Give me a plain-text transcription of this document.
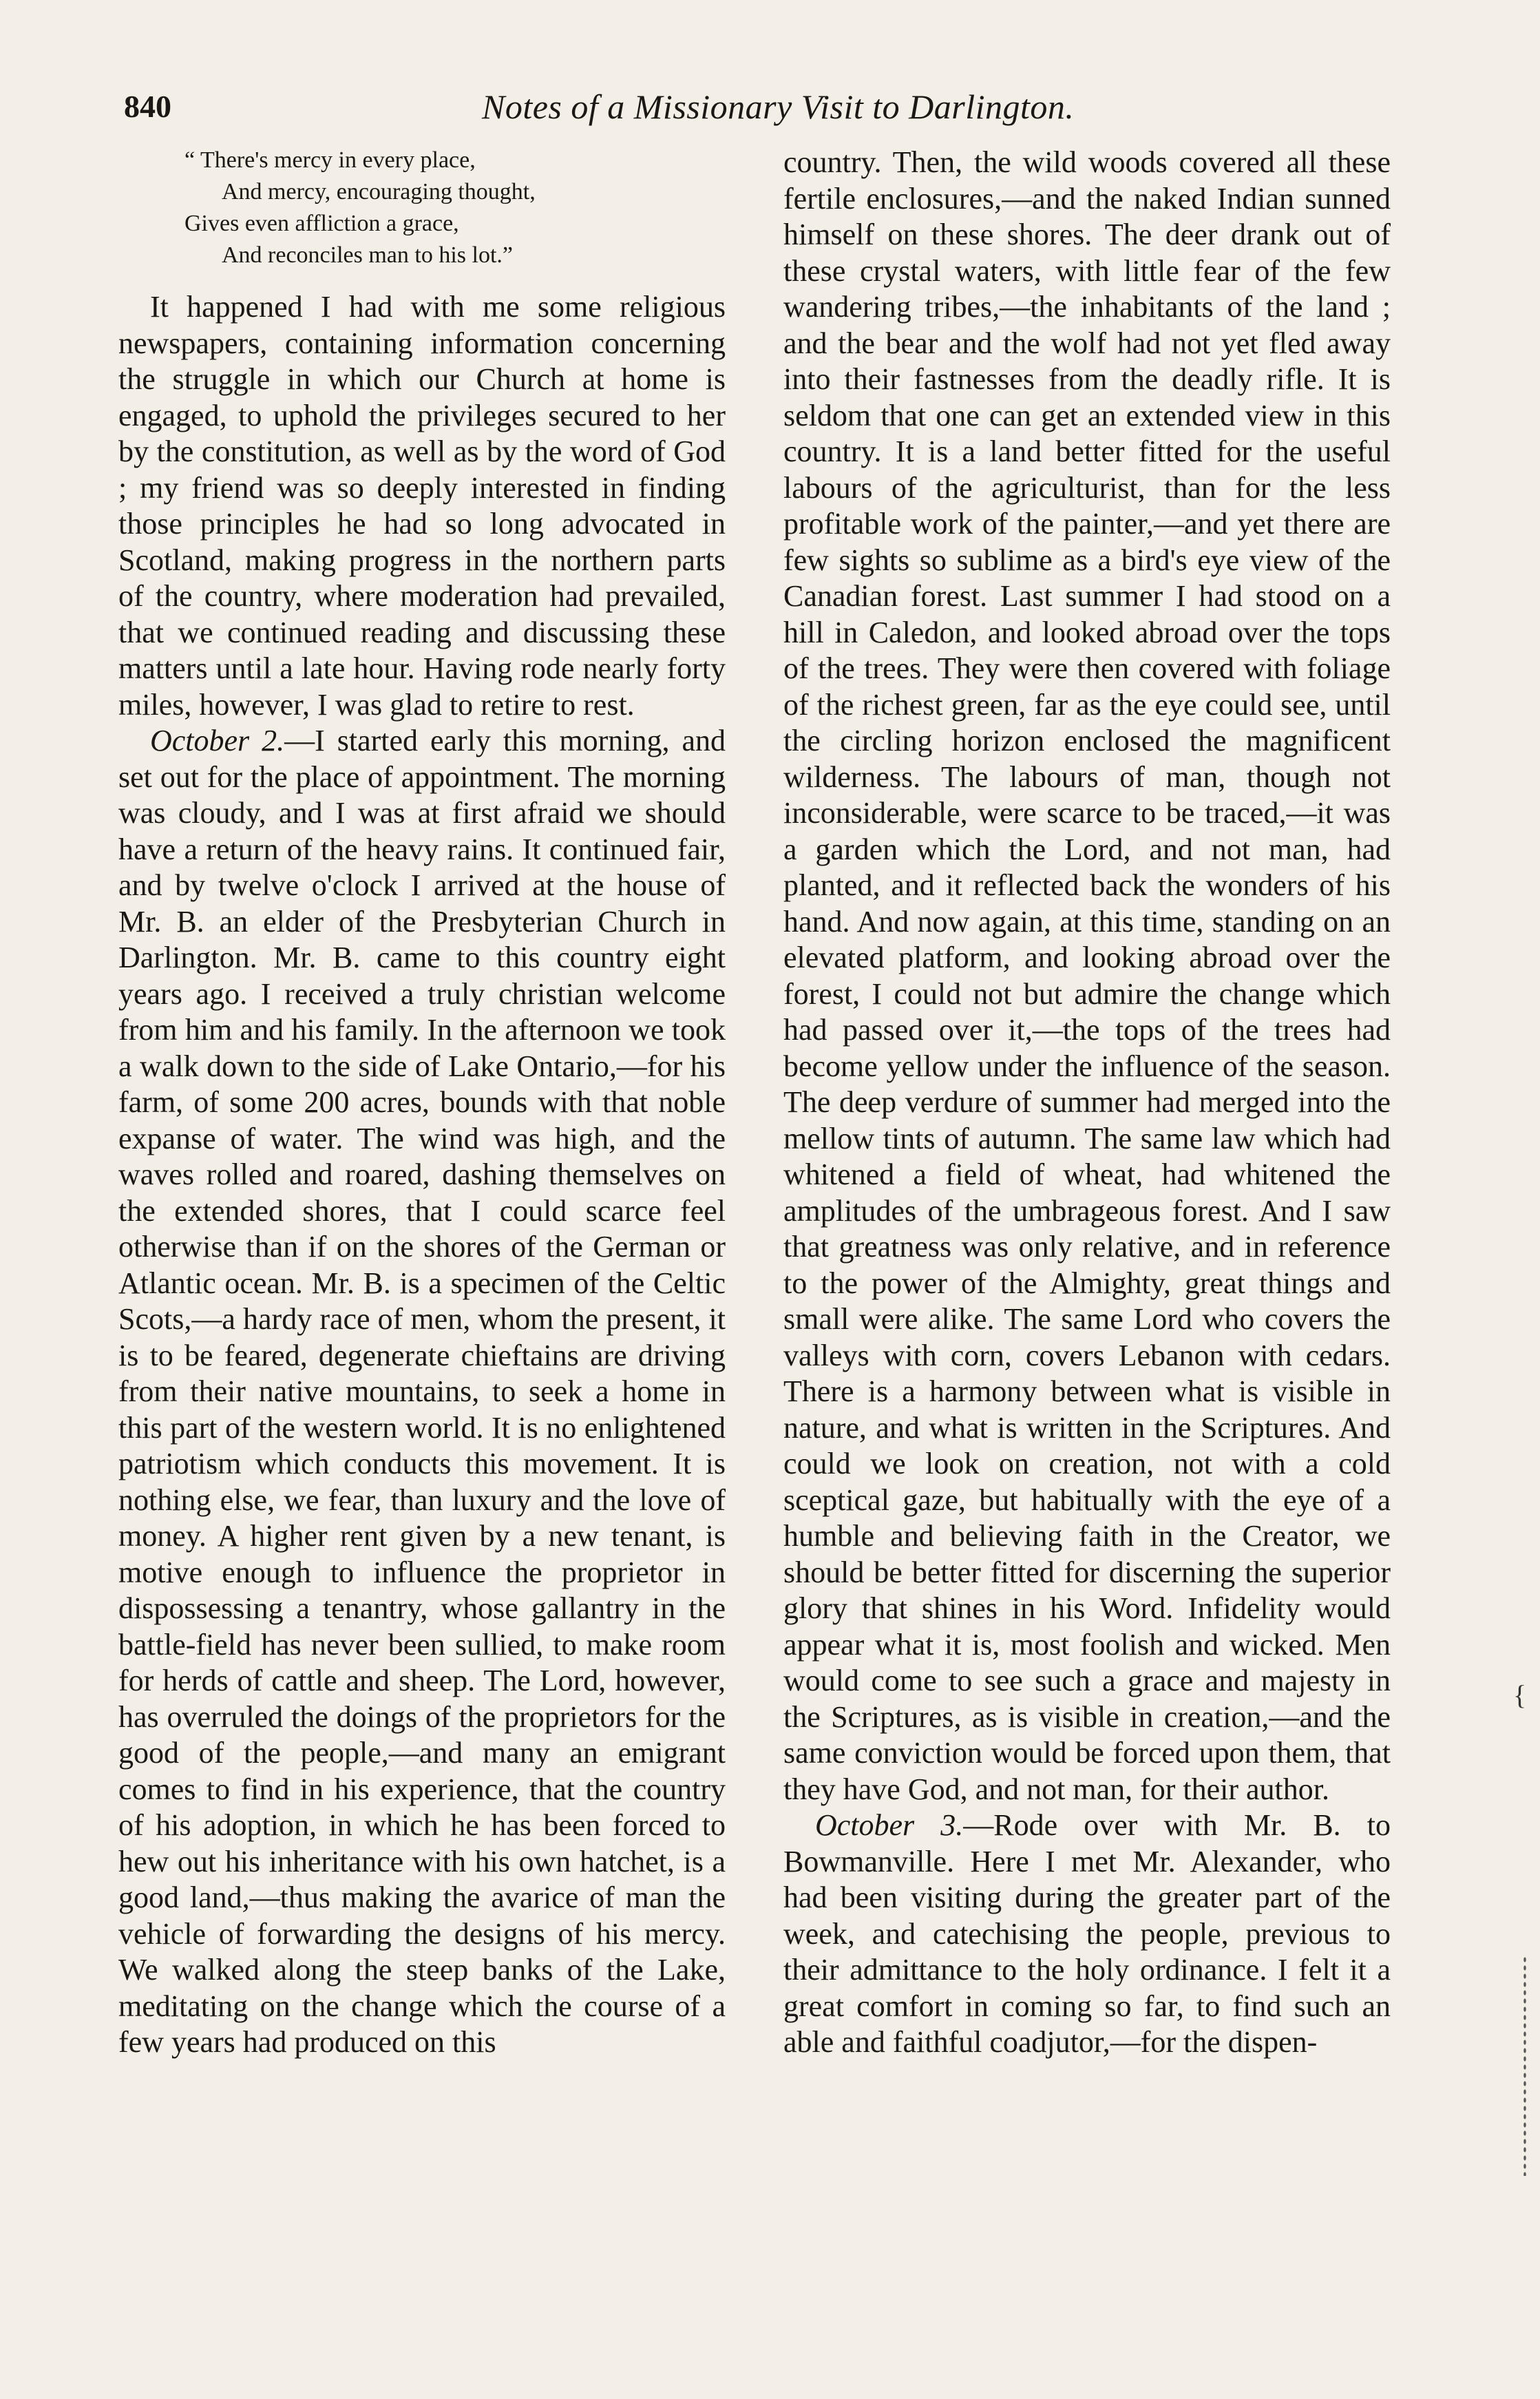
840	Notes of a Missionary Visit to Darlington.
“ There's mercy in every place,
And mercy, encouraging thought,
Gives even affliction a grace,
And reconciles man to his lot.”

It happened I had with me some religious newspapers, containing information concerning the struggle in which our Church at home is engaged, to uphold the privileges secured to her by the constitution, as well as by the word of God ; my friend was so deeply interested in finding those principles he had so long advocated in Scotland, making progress in the northern parts of the country, where moderation had prevailed, that we continued reading and discussing these matters until a late hour. Having rode nearly forty miles, however, I was glad to retire to rest.

October 2.—I started early this morning, and set out for the place of appointment. The morning was cloudy, and I was at first afraid we should have a return of the heavy rains. It continued fair, and by twelve o'clock I arrived at the house of Mr. B. an elder of the Presbyterian Church in Darlington. Mr. B. came to this country eight years ago. I received a truly christian welcome from him and his family. In the afternoon we took a walk down to the side of Lake Ontario,—for his farm, of some 200 acres, bounds with that noble expanse of water. The wind was high, and the waves rolled and roared, dashing themselves on the extended shores, that I could scarce feel otherwise than if on the shores of the German or Atlantic ocean. Mr. B. is a specimen of the Celtic Scots,—a hardy race of men, whom the present, it is to be feared, degenerate chieftains are driving from their native mountains, to seek a home in this part of the western world. It is no enlightened patriotism which conducts this movement. It is nothing else, we fear, than luxury and the love of money. A higher rent given by a new tenant, is motive enough to influence the proprietor in dispossessing a tenantry, whose gallantry in the battle-field has never been sullied, to make room for herds of cattle and sheep. The Lord, however, has overruled the doings of the proprietors for the good of the people,—and many an emigrant comes to find in his experience, that the country of his adoption, in which he has been forced to hew out his inheritance with his own hatchet, is a good land,—thus making the avarice of man the vehicle of forwarding the designs of his mercy. We walked along the steep banks of the Lake, meditating on the change which the course of a few years had produced on this

country. Then, the wild woods covered all these fertile enclosures,—and the naked Indian sunned himself on these shores. The deer drank out of these crystal waters, with little fear of the few wandering tribes,—the inhabitants of the land ; and the bear and the wolf had not yet fled away into their fastnesses from the deadly rifle. It is seldom that one can get an extended view in this country. It is a land better fitted for the useful labours of the agriculturist, than for the less profitable work of the painter,—and yet there are few sights so sublime as a bird's eye view of the Canadian forest. Last summer I had stood on a hill in Caledon, and looked abroad over the tops of the trees. They were then covered with foliage of the richest green, far as the eye could see, until the circling horizon enclosed the magnificent wilderness. The labours of man, though not inconsiderable, were scarce to be traced,—it was a garden which the Lord, and not man, had planted, and it reflected back the wonders of his hand. And now again, at this time, standing on an elevated platform, and looking abroad over the forest, I could not but admire the change which had passed over it,—the tops of the trees had become yellow under the influence of the season. The deep verdure of summer had merged into the mellow tints of autumn. The same law which had whitened a field of wheat, had whitened the amplitudes of the umbrageous forest. And I saw that greatness was only relative, and in reference to the power of the Almighty, great things and small were alike. The same Lord who covers the valleys with corn, covers Lebanon with cedars. There is a harmony between what is visible in nature, and what is written in the Scriptures. And could we look on creation, not with a cold sceptical gaze, but habitually with the eye of a humble and believing faith in the Creator, we should be better fitted for discerning the superior glory that shines in his Word. Infidelity would appear what it is, most foolish and wicked. Men would come to see such a grace and majesty in the Scriptures, as is visible in creation,—and the same conviction would be forced upon them, that they have God, and not man, for their author.

October 3.—Rode over with Mr. B. to Bowmanville. Here I met Mr. Alexander, who had been visiting during the greater part of the week, and catechising the people, previous to their admittance to the holy ordinance. I felt it a great comfort in coming so far, to find such an able and faithful coadjutor,—for the dispen-

{
